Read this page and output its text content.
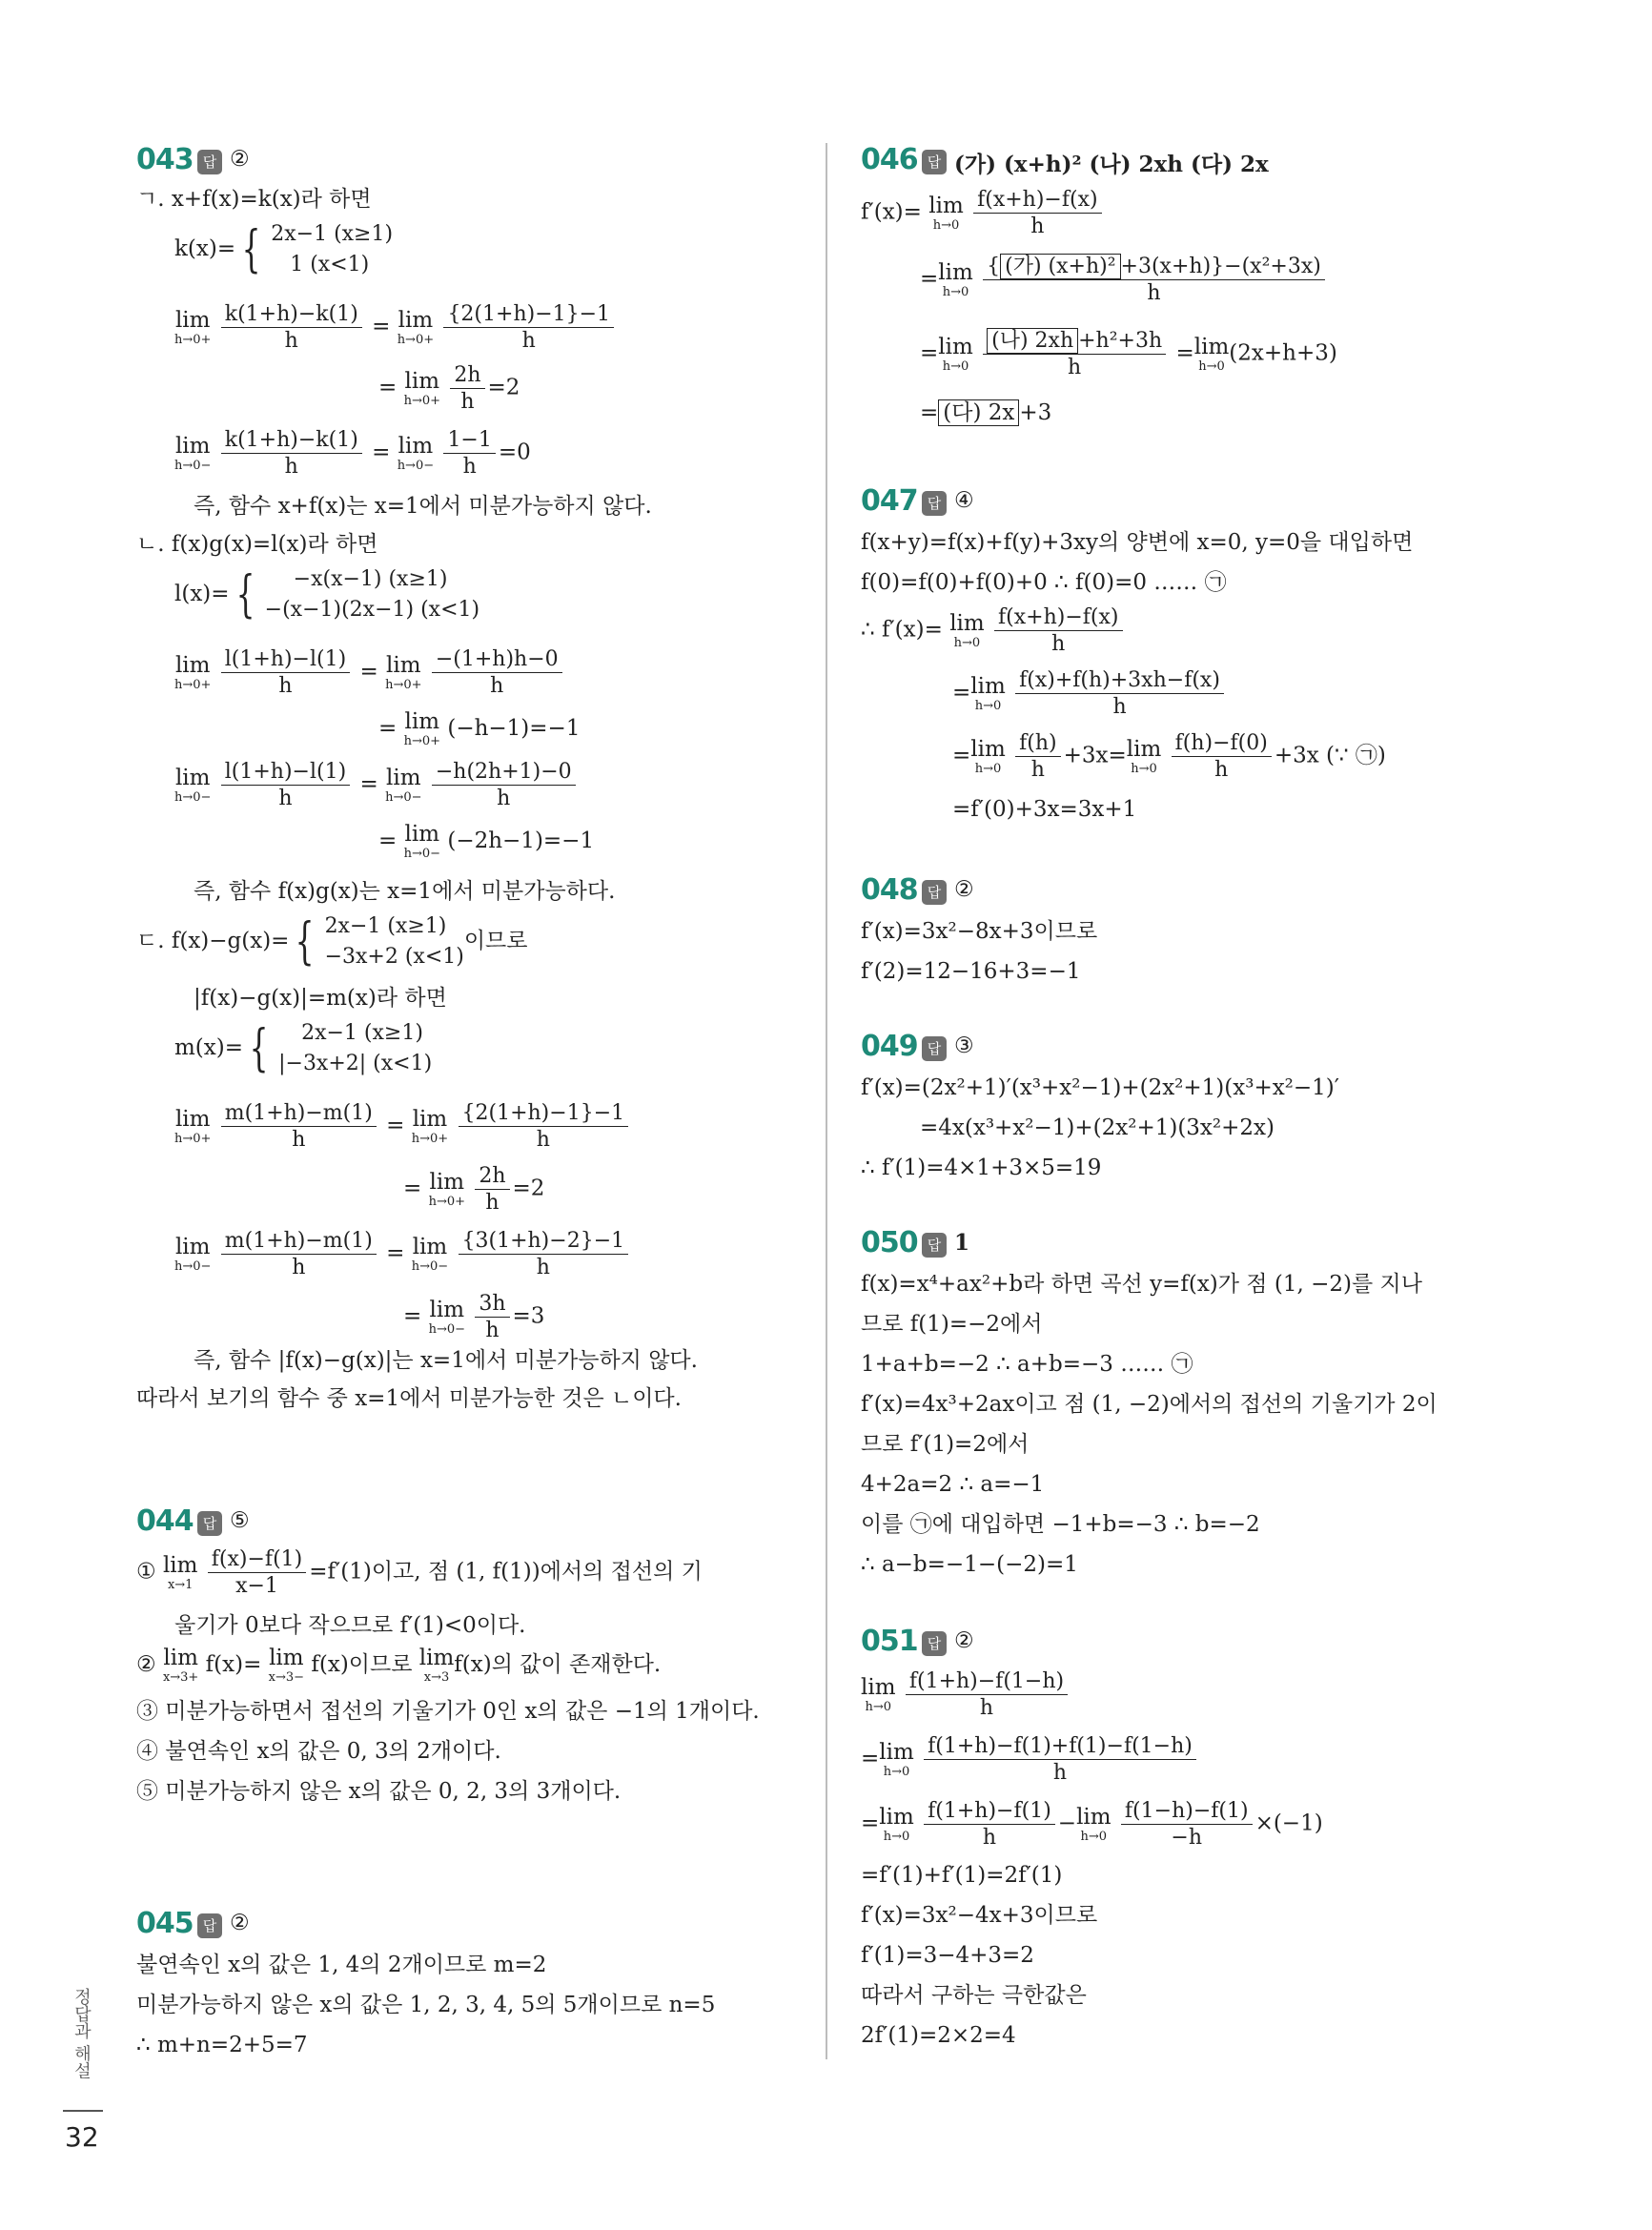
043 답 ②
ㄱ. x+f(x)=k(x)라 하면
k(x)= { 2x−1 (x≥1)
1 (x<1)
lim
h→0+
$\frac{k(1+h)-k(1)}{h} = \lim$
h→0+
$\frac{\{2(1+h)-1\}-1}{h}$
= lim
h→0+
$\frac{2h}{h} =2$
lim
h→0−
$\frac{k(1+h)-k(1)}{h} = \lim$
h→0−
$\frac{1-1}{h} =0$
즉, 함수 x+f(x)는 x=1에서 미분가능하지 않다.
ㄴ. f(x)g(x)=l(x)라 하면
l(x)= {	−x(x−1) (x≥1)
−(x−1)(2x−1) (x<1)
lim
h→0+
$\frac{l(1+h)-l(1)}{h} = \lim$
h→0+
$\frac{-(1+h)h-0}{h}$
= lim
h→0+
(−h−1)=−1
lim
h→0−
$\frac{l(1+h)-l(1)}{h} = \lim$
h→0−
$\frac{-h(2h+1)-0}{h}$
= lim
h→0−
(−2h−1)=−1
즉, 함수 f(x)g(x)는 x=1에서 미분가능하다.
ㄷ. f(x)−g(x)= { 2x−1 (x≥1)
−3x+2 (x<1)
이므로
|f(x)−g(x)|=m(x)라 하면
m(x)= {	2x−1 (x≥1)
|−3x+2| (x<1)
lim
h→0+
$\frac{m(1+h)-m(1)}{h} = \lim$
h→0+
$\frac{\{2(1+h)-1\}-1}{h}$
= lim
h→0+
$\frac{2h}{h} =2$
lim
h→0−
$\frac{m(1+h)-m(1)}{h} = \lim$
h→0−
$\frac{\{3(1+h)-2\}-1}{h}$
= lim
h→0−
$\frac{3h}{h} =3$
즉, 함수 |f(x)−g(x)|는 x=1에서 미분가능하지 않다.
따라서 보기의 함수 중 x=1에서 미분가능한 것은 ㄴ이다.
044 답 ⑤
① lim
x→1
$\frac{f(x)-f(1)}{x-1} =f'(1)$이고, 점 (1, f(1))에서의 접선의 기
울기가 0보다 작으므로 f′(1)<0이다.
② lim
x→3+
f(x)= lim
x→3−
f(x)이므로 lim
x→3
f(x)의 값이 존재한다.
③ 미분가능하면서 접선의 기울기가 0인 x의 값은 −1의 1개이다.
④ 불연속인 x의 값은 0, 3의 2개이다.
⑤ 미분가능하지 않은 x의 값은 0, 2, 3의 3개이다.
045 답 ②
불연속인 x의 값은 1, 4의 2개이므로 m=2
미분가능하지 않은 x의 값은 1, 2, 3, 4, 5의 5개이므로 n=5
∴ m+n=2+5=7
046 답 (가) (x+h)² (나) 2xh (다) 2x
f′(x)= lim
h→0
$\frac{f(x+h)-f(x)}{h}$
= lim
h→0
$\frac{\text{\{ (가) (x+h)² +3(x+h)\}−(x²+3x)}}{h}$
= lim
h→0
$\frac{\text{(나) 2xh +h²+3h}}{h} = \lim$
h→0
(2x+h+3)
= (다) 2x +3
047 답 ④
f(x+y)=f(x)+f(y)+3xy의 양변에 x=0, y=0을 대입하면
f(0)=f(0)+f(0)+0 ∴ f(0)=0 …… ㉠
∴ f′(x)= lim
h→0
$\frac{f(x+h)-f(x)}{h}$
= lim
h→0
$\frac{f(x)+f(h)+3xh-f(x)}{h}$
= lim
h→0
$\frac{f(h)}{h} +3x= \lim$
h→0
$\frac{f(h)-f(0)}{h} +3x$ (∵ ㉠)
=f′(0)+3x=3x+1
048 답 ②
f′(x)=3x²−8x+3이므로
f′(2)=12−16+3=−1
049 답 ③
f′(x)=(2x²+1)′(x³+x²−1)+(2x²+1)(x³+x²−1)′
=4x(x³+x²−1)+(2x²+1)(3x²+2x)
∴ f′(1)=4×1+3×5=19
050 답 1
f(x)=x⁴+ax²+b라 하면 곡선 y=f(x)가 점 (1, −2)를 지나
므로 f(1)=−2에서
1+a+b=−2 ∴ a+b=−3 …… ㉠
f′(x)=4x³+2ax이고 점 (1, −2)에서의 접선의 기울기가 2이
므로 f′(1)=2에서
4+2a=2 ∴ a=−1
이를 ㉠에 대입하면 −1+b=−3 ∴ b=−2
∴ a−b=−1−(−2)=1
051 답 ②
lim
h→0
$\frac{f(1+h)-f(1-h)}{h}$
= lim
h→0
$\frac{f(1+h)-f(1)+f(1)-f(1-h)}{h}$
= lim
h→0
$\frac{f(1+h)-f(1)}{h} - \lim$
h→0
$\frac{f(1-h)-f(1)}{-h} \times(-1)$
=f′(1)+f′(1)=2f′(1)
f′(x)=3x²−4x+3이므로
f′(1)=3−4+3=2
따라서 구하는 극한값은
2f′(1)=2×2=4
정답과 해설
32
